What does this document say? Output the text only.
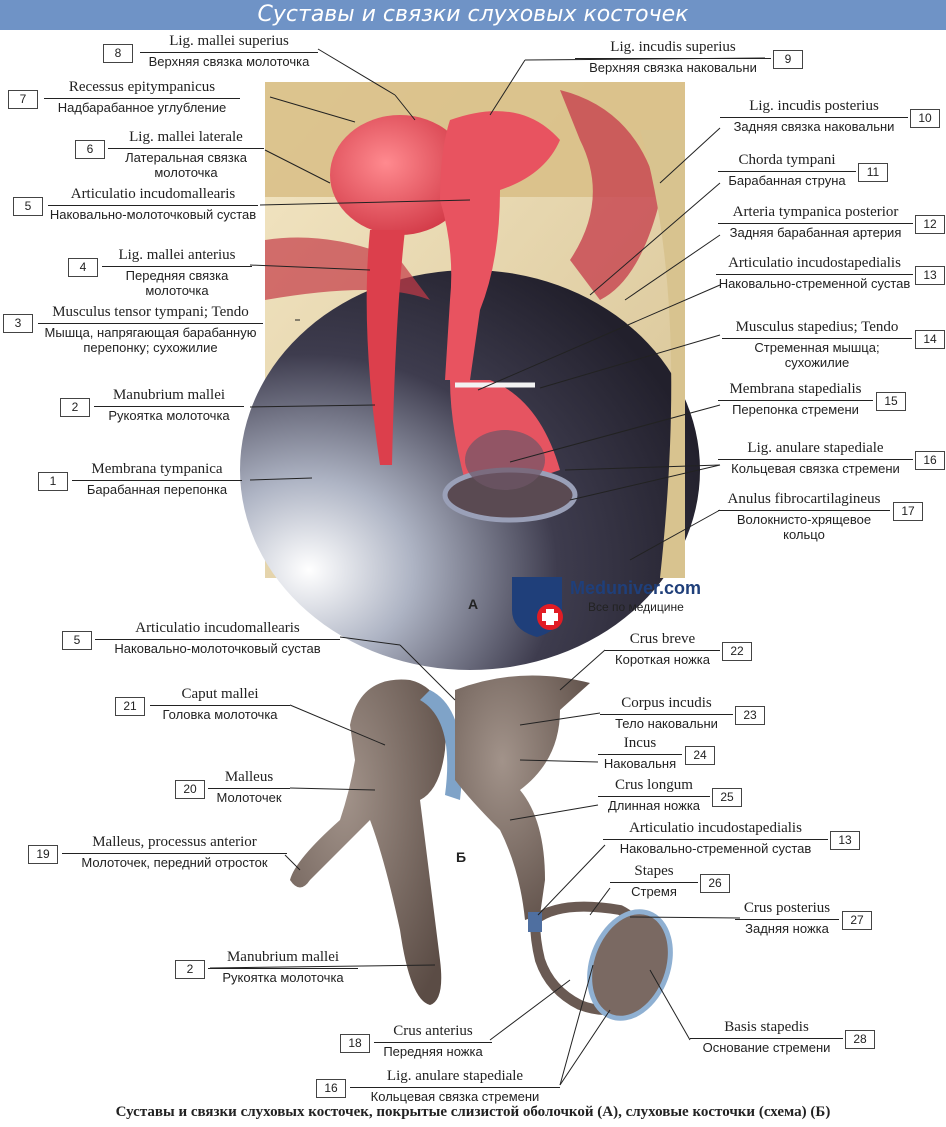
Суставы и связки слуховых косточек
8
Lig. mallei superius
Верхняя связка молоточка
7
Recessus epitympanicus
Надбарабанное углубление
6
Lig. mallei laterale
Латеральная связка молоточка
5
Articulatio incudomallearis
Наковально-молоточковый сустав
4
Lig. mallei anterius
Передняя связка молоточка
3
Musculus tensor tympani; Tendo
Мышца, напрягающая барабанную перепонку; сухожилие
2
Manubrium mallei
Рукоятка молоточка
1
Membrana tympanica
Барабанная перепонка
9
Lig. incudis superius
Верхняя связка наковальни
10
Lig. incudis posterius
Задняя связка наковальни
11
Chorda tympani
Барабанная струна
12
Arteria tympanica posterior
Задняя барабанная артерия
13
Articulatio incudostapedialis
Наковально-стременной сустав
14
Musculus stapedius; Tendo
Стременная мышца; сухожилие
15
Membrana stapedialis
Перепонка стремени
16
Lig. anulare stapediale
Кольцевая связка стремени
17
Anulus fibrocartilagineus
Волокнисто-хрящевое кольцо
А
Meduniver.com
Все по медицине
5
Articulatio incudomallearis
Наковально-молоточковый сустав
21
Caput mallei
Головка молоточка
20
Malleus
Молоточек
19
Malleus, processus anterior
Молоточек, передний отросток
2
Manubrium mallei
Рукоятка молоточка
18
Crus anterius
Передняя ножка
16
Lig. anulare stapediale
Кольцевая связка стремени
22
Crus breve
Короткая ножка
23
Corpus incudis
Тело наковальни
24
Incus
Наковальня
25
Crus longum
Длинная ножка
13
Articulatio incudostapedialis
Наковально-стременной сустав
26
Stapes
Стремя
27
Crus posterius
Задняя ножка
28
Basis stapedis
Основание стремени
Б
Суставы и связки слуховых косточек, покрытые слизистой оболочкой (А), слуховые косточки (схема) (Б)
